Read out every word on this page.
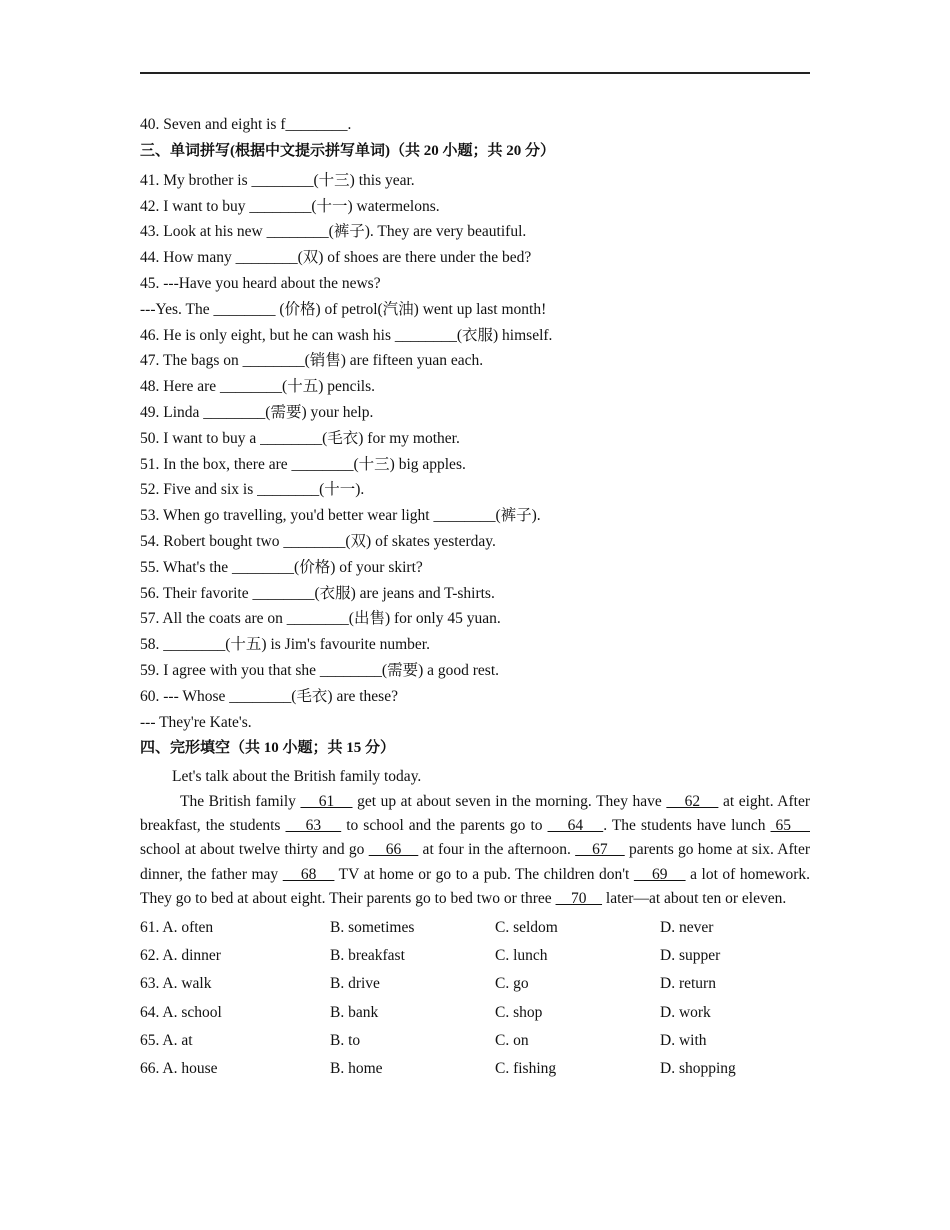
40. Seven and eight is f________.
三、单词拼写(根据中文提示拼写单词)（共 20 小题；共 20 分）
41. My brother is ________(十三) this year.
42. I want to buy ________(十一) watermelons.
43. Look at his new ________(裤子). They are very beautiful.
44. How many ________(双) of shoes are there under the bed?
45. ---Have you heard about the news?
---Yes. The ________ (价格) of petrol(汽油) went up last month!
46. He is only eight, but he can wash his ________(衣服) himself.
47. The bags on ________(销售) are fifteen yuan each.
48. Here are ________(十五) pencils.
49. Linda ________(需要) your help.
50. I want to buy a ________(毛衣) for my mother.
51. In the box, there are ________(十三) big apples.
52. Five and six is ________(十一).
53. When go travelling, you'd better wear light ________(裤子).
54. Robert bought two ________(双) of skates yesterday.
55. What's the ________(价格) of your skirt?
56. Their favorite ________(衣服) are jeans and T-shirts.
57. All the coats are on ________(出售) for only 45 yuan.
58. ________(十五) is Jim's favourite number.
59. I agree with you that she ________(需要) a good rest.
60. --- Whose ________(毛衣) are these?
--- They're Kate's.
四、完形填空（共 10 小题；共 15 分）

Let's talk about the British family today.

The British family     61     get up at about seven in the morning. They have     62     at eight. After breakfast, the students     63     to school and the parents go to     64    . The students have lunch  65     school at about twelve thirty and go     66     at four in the afternoon.     67     parents go home at six. After dinner, the father may     68     TV at home or go to a pub. The children don't     69     a lot of homework. They go to bed at about eight. Their parents go to bed two or three     70     later—at about ten or eleven.

61. A. often	B. sometimes	C. seldom	D. never
62. A. dinner	B. breakfast	C. lunch	D. supper
63. A. walk	B. drive	C. go	D. return
64. A. school	B. bank	C. shop	D. work
65. A. at	B. to	C. on	D. with
66. A. house	B. home	C. fishing	D. shopping
